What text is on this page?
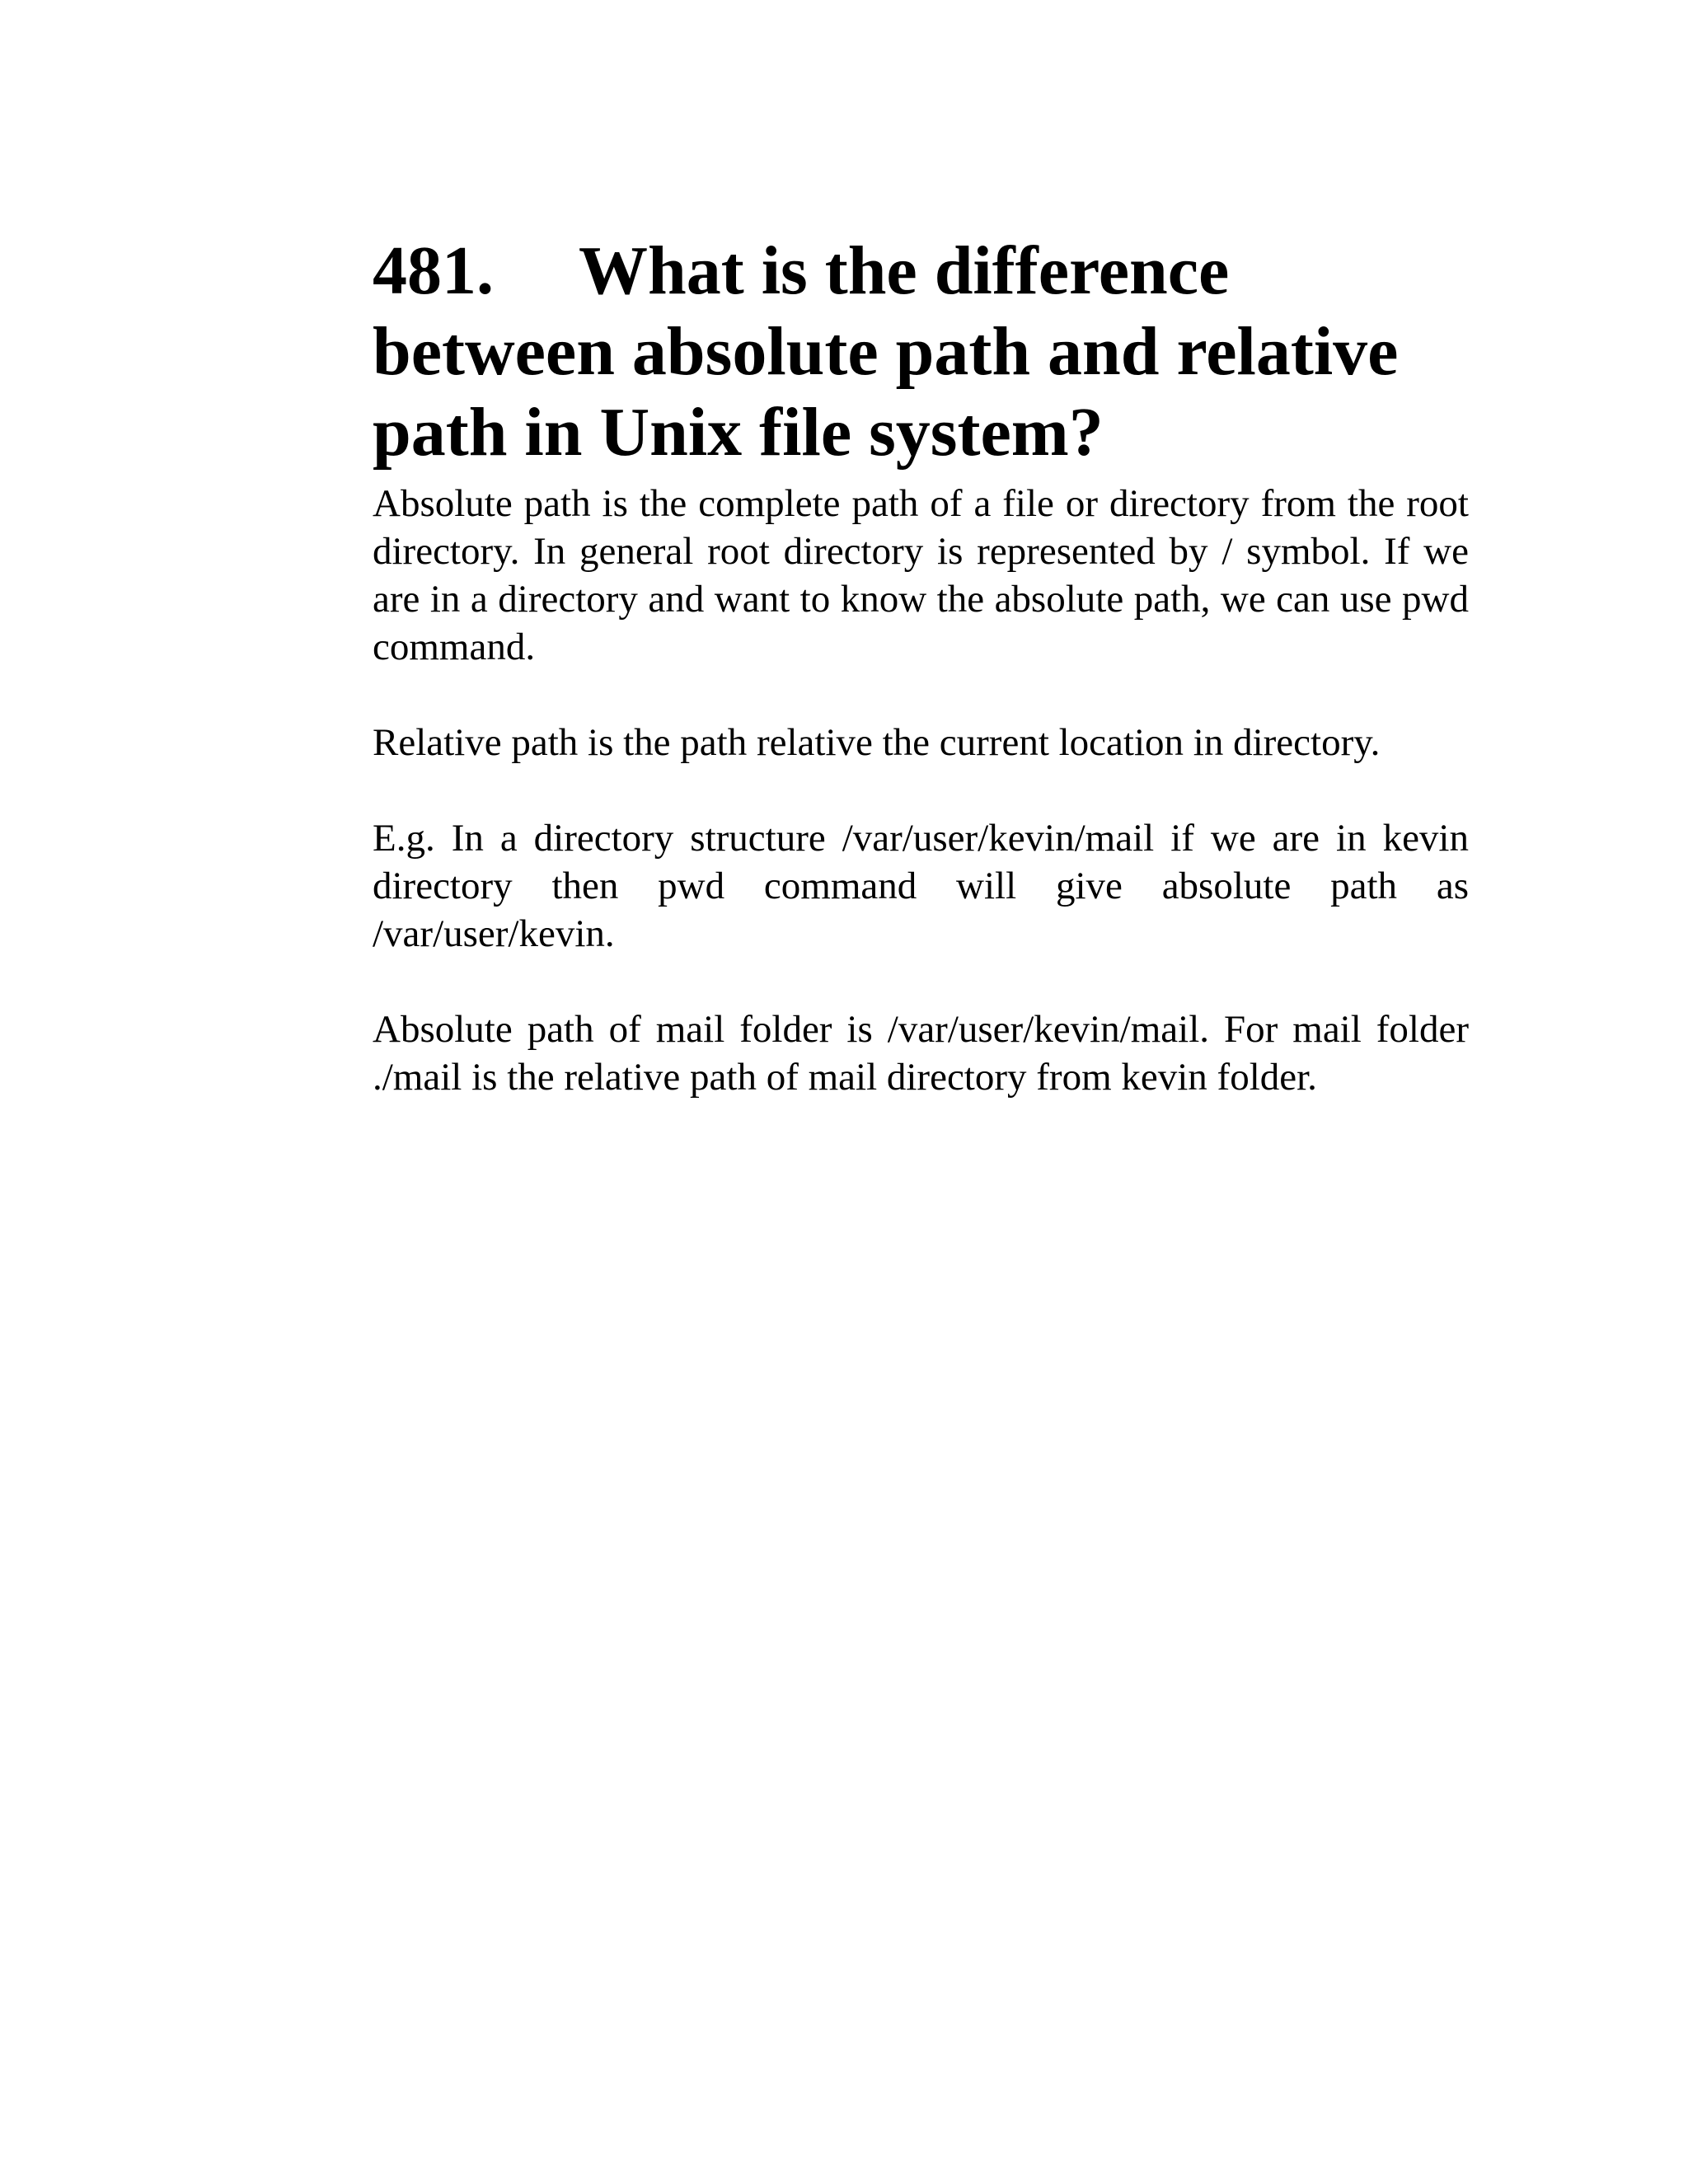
481. What is the difference between absolute path and relative path in Unix file system?

Absolute path is the complete path of a file or directory from the root directory. In general root directory is represented by / symbol. If we are in a directory and want to know the absolute path, we can use pwd command.

Relative path is the path relative the current location in directory.

E.g. In a directory structure /var/user/kevin/mail if we are in kevin directory then pwd command will give absolute path as /var/user/kevin.

Absolute path of mail folder is /var/user/kevin/mail. For mail folder ./mail is the relative path of mail directory from kevin folder.
